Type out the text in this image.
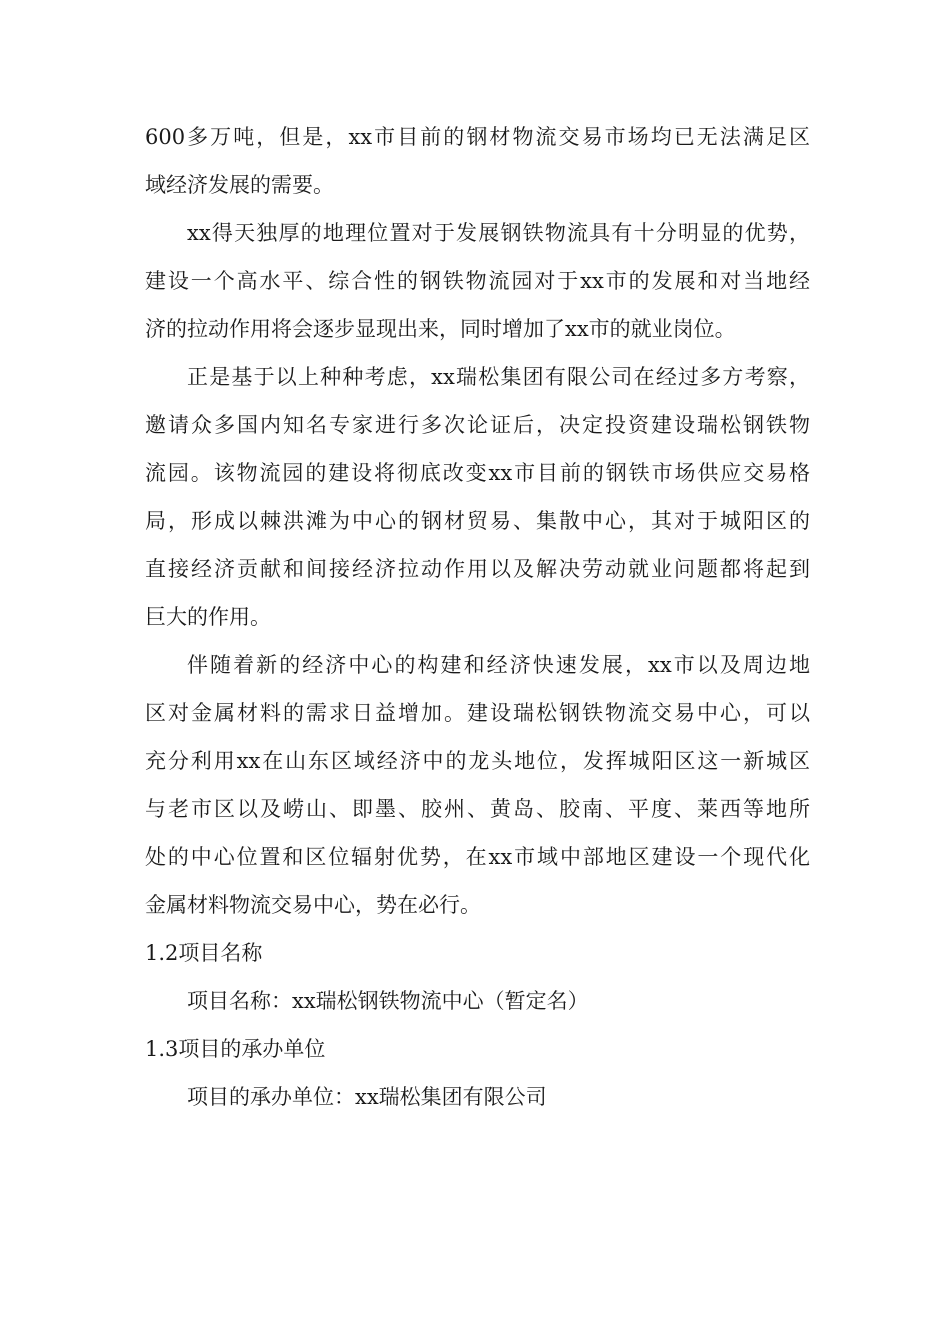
600多万吨，但是，xx市目前的钢材物流交易市场均已无法满足区
域经济发展的需要。
xx得天独厚的地理位置对于发展钢铁物流具有十分明显的优势，
建设一个高水平、综合性的钢铁物流园对于xx市的发展和对当地经
济的拉动作用将会逐步显现出来，同时增加了xx市的就业岗位。
正是基于以上种种考虑，xx瑞松集团有限公司在经过多方考察，
邀请众多国内知名专家进行多次论证后，决定投资建设瑞松钢铁物
流园。该物流园的建设将彻底改变xx市目前的钢铁市场供应交易格
局，形成以棘洪滩为中心的钢材贸易、集散中心，其对于城阳区的
直接经济贡献和间接经济拉动作用以及解决劳动就业问题都将起到
巨大的作用。
伴随着新的经济中心的构建和经济快速发展，xx市以及周边地
区对金属材料的需求日益增加。建设瑞松钢铁物流交易中心，可以
充分利用xx在山东区域经济中的龙头地位，发挥城阳区这一新城区
与老市区以及崂山、即墨、胶州、黄岛、胶南、平度、莱西等地所
处的中心位置和区位辐射优势，在xx市域中部地区建设一个现代化
金属材料物流交易中心，势在必行。
1.2项目名称
项目名称：xx瑞松钢铁物流中心（暂定名）
1.3项目的承办单位
项目的承办单位：xx瑞松集团有限公司
